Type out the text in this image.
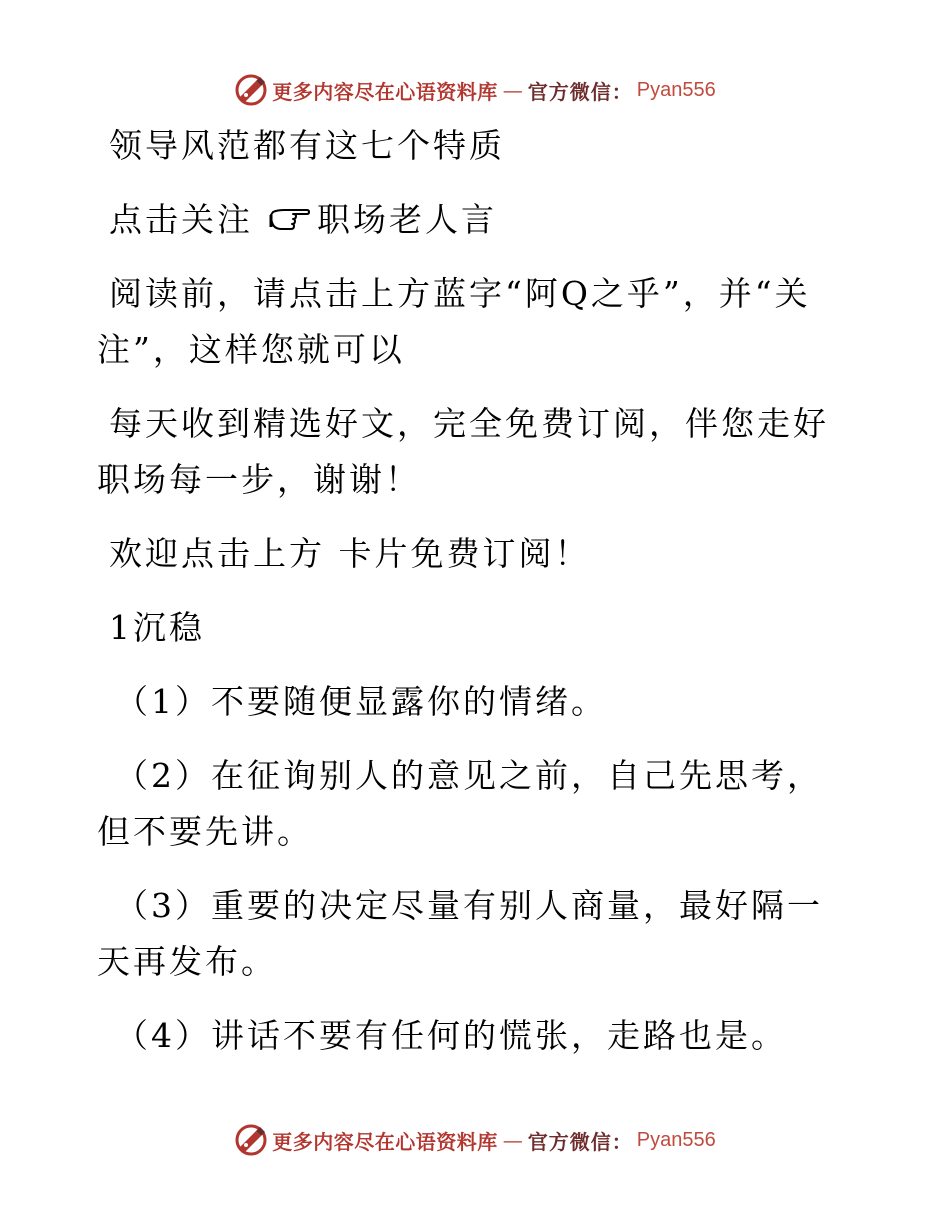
更多内容尽在心语资料库 — 官方微信： Pyan556

领导风范都有这七个特质

点击关注 职场老人言

阅读前，请点击上方蓝字“阿Q之乎”，并“关注”，这样您就可以

每天收到精选好文，完全免费订阅，伴您走好职场每一步，谢谢！

欢迎点击上方 卡片免费订阅！

1沉稳

（1）不要随便显露你的情绪。

（2）在征询别人的意见之前，自己先思考，但不要先讲。

（3）重要的决定尽量有别人商量，最好隔一天再发布。

（4）讲话不要有任何的慌张，走路也是。

更多内容尽在心语资料库 — 官方微信： Pyan556
